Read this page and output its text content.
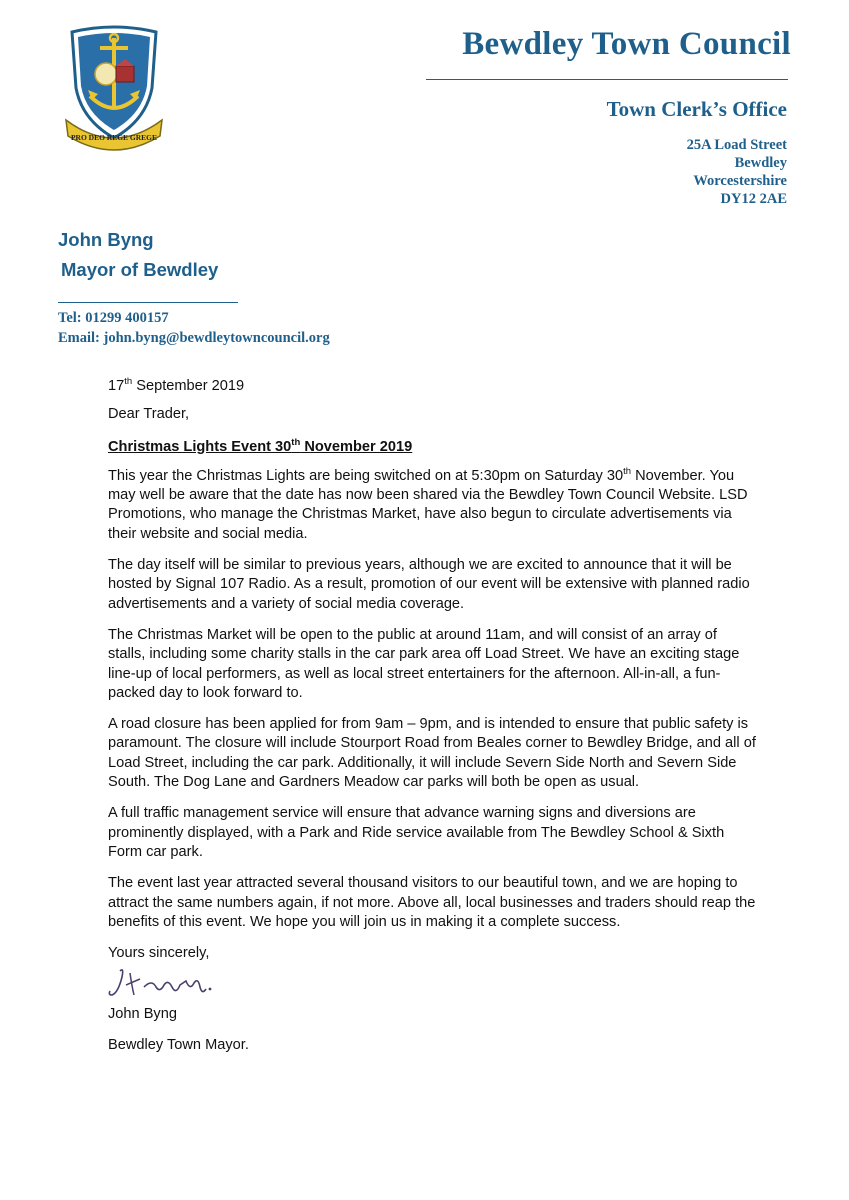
PRO DEO REGE GREGE
Bewdley Town Council
Town Clerk’s Office
25A Load Street
Bewdley
Worcestershire
DY12 2AE
John Byng
Mayor of Bewdley
Tel: 01299 400157
Email: john.byng@bewdleytowncouncil.org

17th September 2019

Dear Trader,

Christmas Lights Event 30th November 2019

This year the Christmas Lights are being switched on at 5:30pm on Saturday 30th November. You may well be aware that the date has now been shared via the Bewdley Town Council Website. LSD Promotions, who manage the Christmas Market, have also begun to circulate advertisements via their website and social media.

The day itself will be similar to previous years, although we are excited to announce that it will be hosted by Signal 107 Radio. As a result, promotion of our event will be extensive with planned radio advertisements and a variety of social media coverage.

The Christmas Market will be open to the public at around 11am, and will consist of an array of stalls, including some charity stalls in the car park area off Load Street. We have an exciting stage line-up of local performers, as well as local street entertainers for the afternoon. All-in-all, a fun-packed day to look forward to.

A road closure has been applied for from 9am – 9pm, and is intended to ensure that public safety is paramount. The closure will include Stourport Road from Beales corner to Bewdley Bridge, and all of Load Street, including the car park. Additionally, it will include Severn Side North and Severn Side South. The Dog Lane and Gardners Meadow car parks will both be open as usual.

A full traffic management service will ensure that advance warning signs and diversions are prominently displayed, with a Park and Ride service available from The Bewdley School & Sixth Form car park.

The event last year attracted several thousand visitors to our beautiful town, and we are hoping to attract the same numbers again, if not more. Above all, local businesses and traders should reap the benefits of this event. We hope you will join us in making it a complete success.

Yours sincerely,

John Byng

Bewdley Town Mayor.
